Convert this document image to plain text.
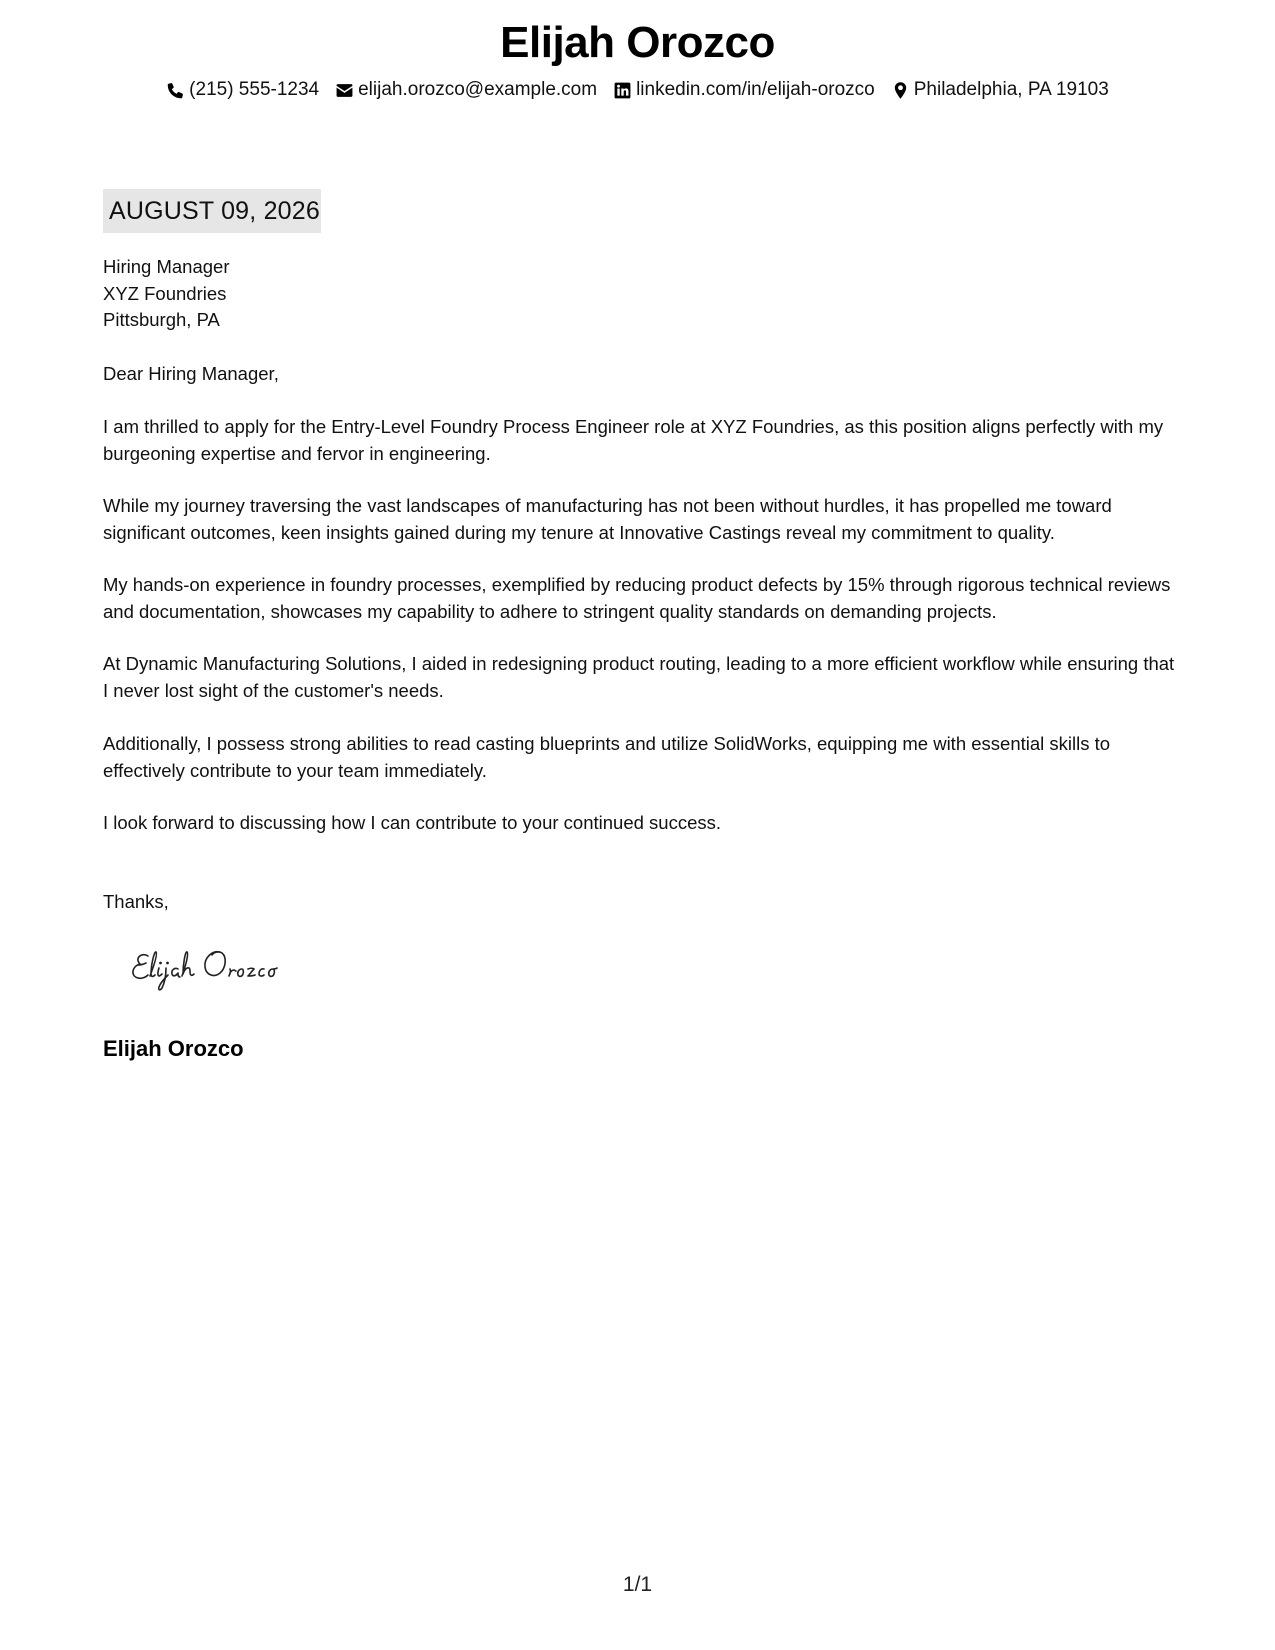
Elijah Orozco
(215) 555-1234 elijah.orozco@example.com linkedin.com/in/elijah-orozco Philadelphia, PA 19103
AUGUST 09, 2026
Hiring Manager
XYZ Foundries
Pittsburgh, PA
Dear Hiring Manager,

I am thrilled to apply for the Entry-Level Foundry Process Engineer role at XYZ Foundries, as this position aligns perfectly with my burgeoning expertise and fervor in engineering.

While my journey traversing the vast landscapes of manufacturing has not been without hurdles, it has propelled me toward significant outcomes, keen insights gained during my tenure at Innovative Castings reveal my commitment to quality.

My hands-on experience in foundry processes, exemplified by reducing product defects by 15% through rigorous technical reviews and documentation, showcases my capability to adhere to stringent quality standards on demanding projects.

At Dynamic Manufacturing Solutions, I aided in redesigning product routing, leading to a more efficient workflow while ensuring that I never lost sight of the customer's needs.

Additionally, I possess strong abilities to read casting blueprints and utilize SolidWorks, equipping me with essential skills to effectively contribute to your team immediately.

I look forward to discussing how I can contribute to your continued success.

Thanks,
Elijah Orozco
1/1
